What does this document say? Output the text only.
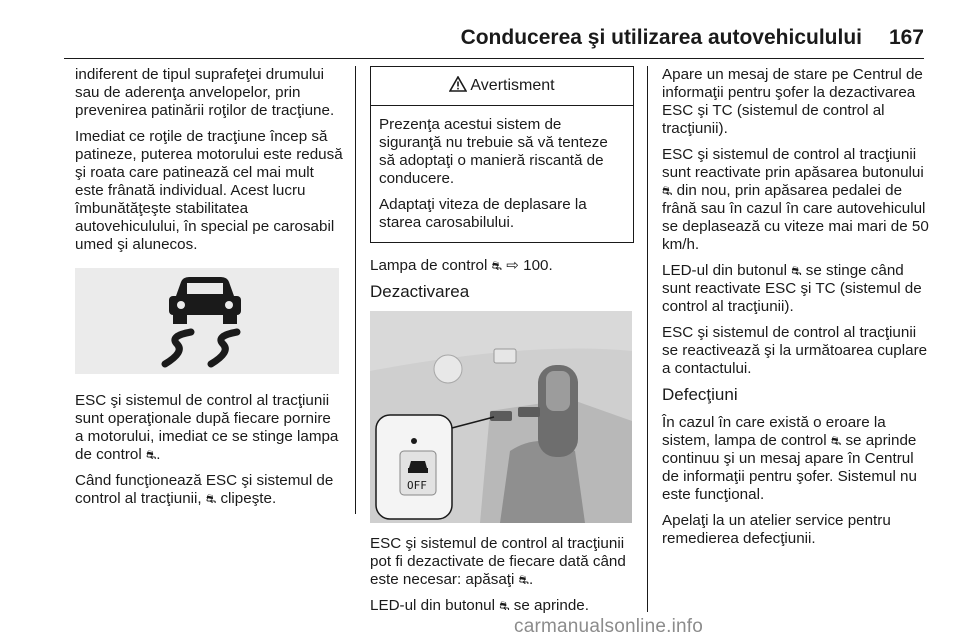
Conducerea şi utilizarea autovehiculului 167

indiferent de tipul suprafeţei drumului sau de aderenţa anvelopelor, prin prevenirea patinării roţilor de tracţiune.

Imediat ce roţile de tracţiune încep să patineze, puterea motorului este redusă şi roata care patinează cel mai mult este frânată individual. Acest lucru îmbunătăţeşte stabilitatea autovehiculului, în special pe carosabil umed şi alunecos.

ESC şi sistemul de control al tracţiunii sunt operaţionale după fiecare pornire a motorului, imediat ce se stinge lampa de control ⛐.

Când funcţionează ESC şi sistemul de control al tracţiunii, ⛐ clipeşte.

Avertisment

Prezenţa acestui sistem de siguranţă nu trebuie să vă tenteze să adoptaţi o manieră riscantă de conducere.

Adaptaţi viteza de deplasare la starea carosabilului.

Lampa de control ⛐ ⇨ 100.

Dezactivarea
OFF

ESC şi sistemul de control al tracţiunii pot fi dezactivate de fiecare dată când este necesar: apăsaţi ⛐.

LED-ul din butonul ⛐ se aprinde.

Apare un mesaj de stare pe Centrul de informaţii pentru şofer la dezactivarea ESC şi TC (sistemul de control al tracţiunii).

ESC şi sistemul de control al tracţiunii sunt reactivate prin apăsarea butonului ⛐ din nou, prin apăsarea pedalei de frână sau în cazul în care autovehiculul se deplasează cu viteze mai mari de 50 km/h.

LED-ul din butonul ⛐ se stinge când sunt reactivate ESC şi TC (sistemul de control al tracţiunii).

ESC şi sistemul de control al tracţiunii se reactivează şi la următoarea cuplare a contactului.

Defecţiuni

În cazul în care există o eroare la sistem, lampa de control ⛐ se aprinde continuu şi un mesaj apare în Centrul de informaţii pentru şofer. Sistemul nu este funcţional.

Apelaţi la un atelier service pentru remedierea defecţiunii.

carmanualsonline.info
